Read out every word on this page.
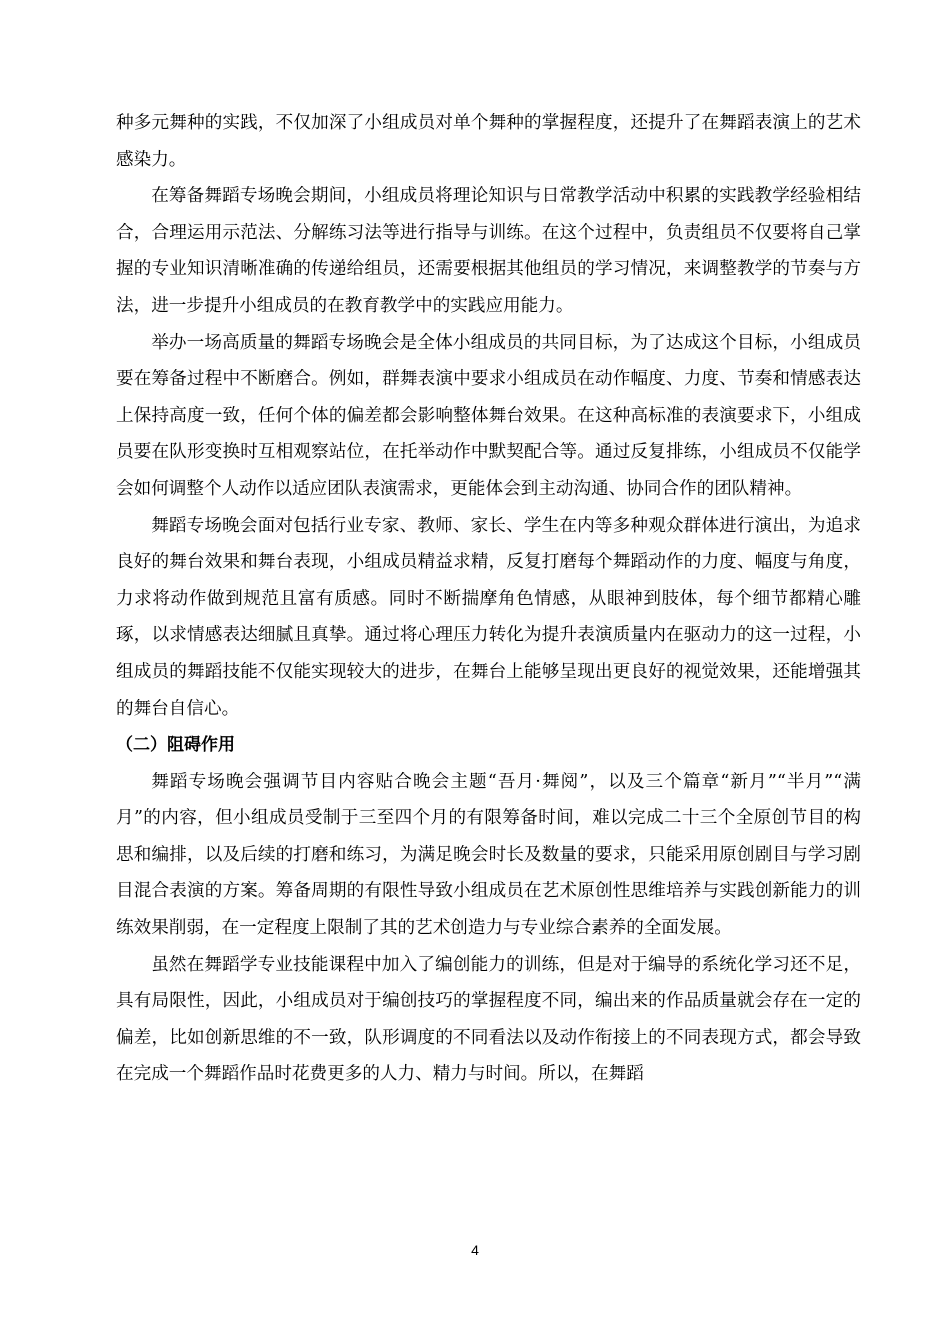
种多元舞种的实践，不仅加深了小组成员对单个舞种的掌握程度，还提升了在舞蹈表演上的艺术感染力。

在筹备舞蹈专场晚会期间，小组成员将理论知识与日常教学活动中积累的实践教学经验相结合，合理运用示范法、分解练习法等进行指导与训练。在这个过程中，负责组员不仅要将自己掌握的专业知识清晰准确的传递给组员，还需要根据其他组员的学习情况，来调整教学的节奏与方法，进一步提升小组成员的在教育教学中的实践应用能力。

举办一场高质量的舞蹈专场晚会是全体小组成员的共同目标，为了达成这个目标，小组成员要在筹备过程中不断磨合。例如，群舞表演中要求小组成员在动作幅度、力度、节奏和情感表达上保持高度一致，任何个体的偏差都会影响整体舞台效果。在这种高标准的表演要求下，小组成员要在队形变换时互相观察站位，在托举动作中默契配合等。通过反复排练，小组成员不仅能学会如何调整个人动作以适应团队表演需求，更能体会到主动沟通、协同合作的团队精神。

舞蹈专场晚会面对包括行业专家、教师、家长、学生在内等多种观众群体进行演出，为追求良好的舞台效果和舞台表现，小组成员精益求精，反复打磨每个舞蹈动作的力度、幅度与角度，力求将动作做到规范且富有质感。同时不断揣摩角色情感，从眼神到肢体，每个细节都精心雕琢，以求情感表达细腻且真挚。通过将心理压力转化为提升表演质量内在驱动力的这一过程，小组成员的舞蹈技能不仅能实现较大的进步，在舞台上能够呈现出更良好的视觉效果，还能增强其的舞台自信心。

（二）阻碍作用

舞蹈专场晚会强调节目内容贴合晚会主题“吾月·舞阅”，以及三个篇章“新月”“半月”“满月”的内容，但小组成员受制于三至四个月的有限筹备时间，难以完成二十三个全原创节目的构思和编排，以及后续的打磨和练习，为满足晚会时长及数量的要求，只能采用原创剧目与学习剧目混合表演的方案。筹备周期的有限性导致小组成员在艺术原创性思维培养与实践创新能力的训练效果削弱，在一定程度上限制了其的艺术创造力与专业综合素养的全面发展。

虽然在舞蹈学专业技能课程中加入了编创能力的训练，但是对于编导的系统化学习还不足，具有局限性，因此，小组成员对于编创技巧的掌握程度不同，编出来的作品质量就会存在一定的偏差，比如创新思维的不一致，队形调度的不同看法以及动作衔接上的不同表现方式，都会导致在完成一个舞蹈作品时花费更多的人力、精力与时间。所以，在舞蹈

4
